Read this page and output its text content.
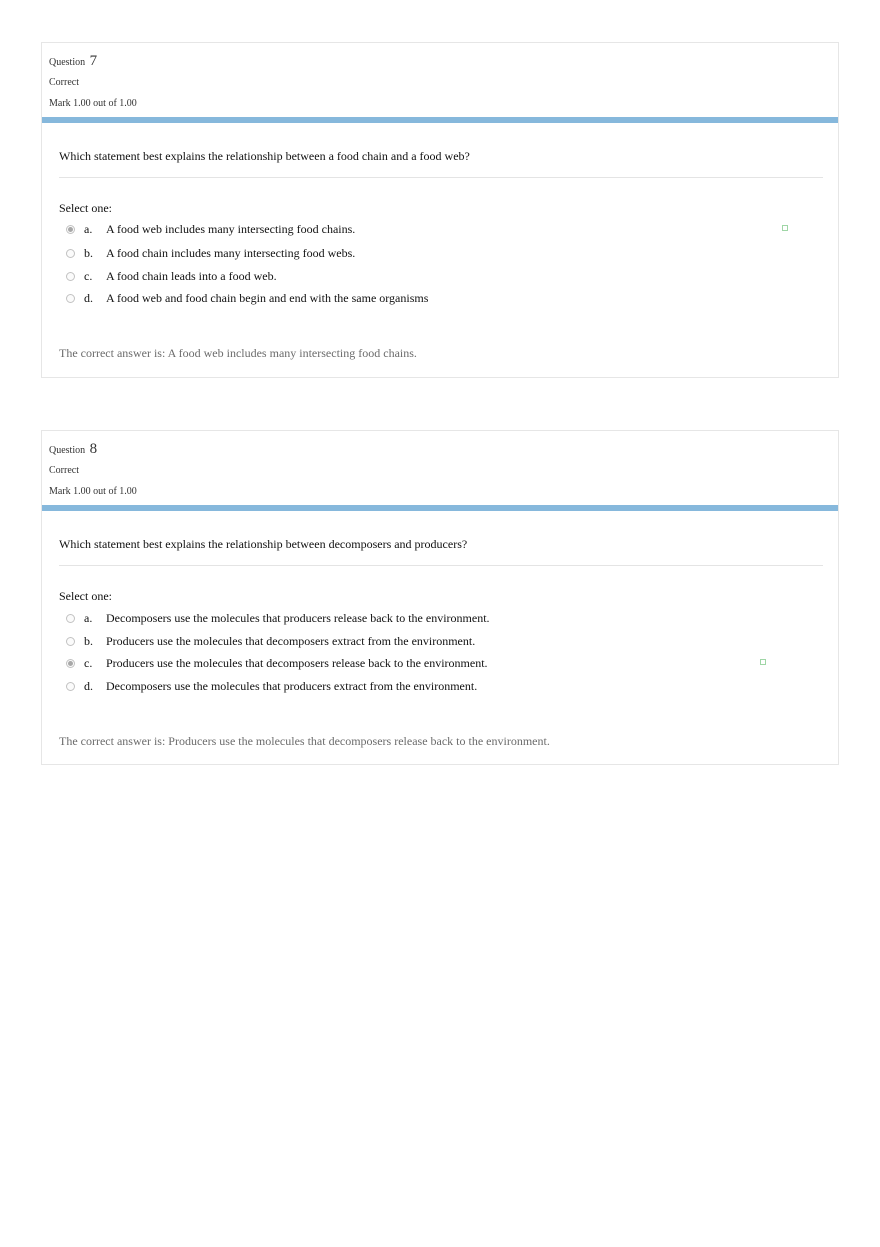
Question 7
Correct
Mark 1.00 out of 1.00
Which statement best explains the relationship between a food chain and a food web?
Select one:
a.	A food web includes many intersecting food chains.
b.	A food chain includes many intersecting food webs.
c.	A food chain leads into a food web.
d.	A food web and food chain begin and end with the same organisms
The correct answer is: A food web includes many intersecting food chains.
Question 8
Correct
Mark 1.00 out of 1.00
Which statement best explains the relationship between decomposers and producers?
Select one:
a.	Decomposers use the molecules that producers release back to the environment.
b.	Producers use the molecules that decomposers extract from the environment.
c.	Producers use the molecules that decomposers release back to the environment.
d.	Decomposers use the molecules that producers extract from the environment.
The correct answer is: Producers use the molecules that decomposers release back to the environment.
